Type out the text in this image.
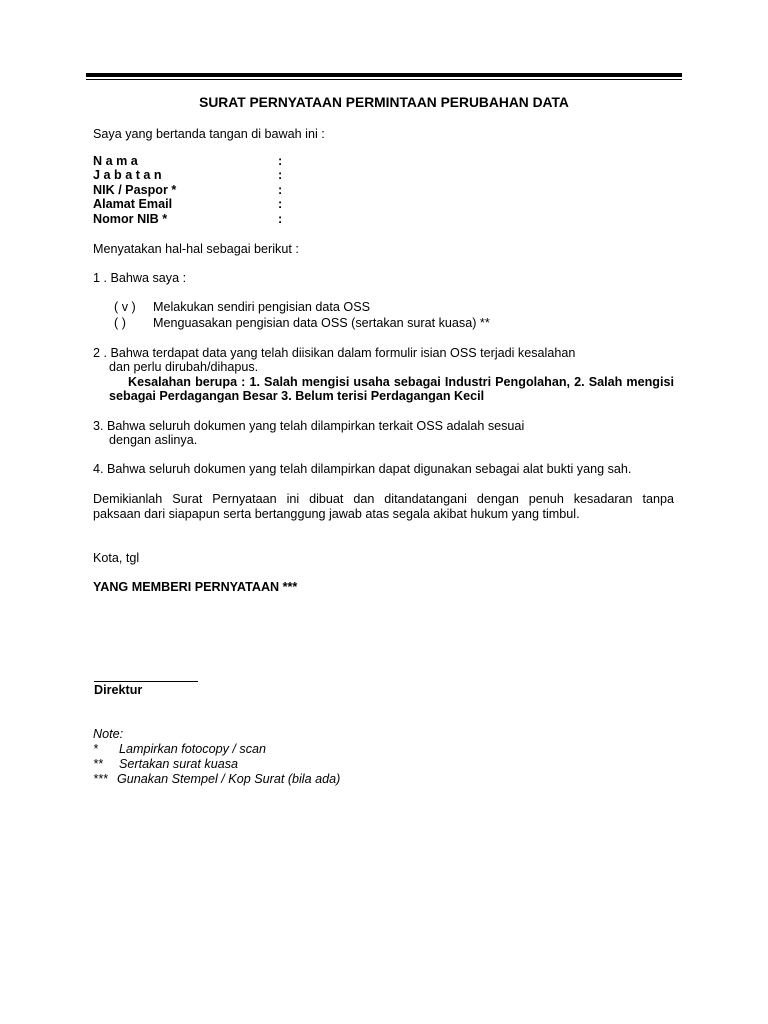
SURAT PERNYATAAN PERMINTAAN PERUBAHAN DATA
Saya yang bertanda tangan di bawah ini :
N a m a	:
J a b a t a n	:
NIK / Paspor *	:
Alamat Email	:
Nomor NIB *	:
Menyatakan hal-hal sebagai berikut :
1 . Bahwa saya :
( v ) Melakukan sendiri pengisian data OSS
( ) Menguasakan pengisian data OSS (sertakan surat kuasa) **
2 . Bahwa terdapat data yang telah diisikan dalam formulir isian OSS terjadi kesalahan
dan perlu dirubah/dihapus.
Kesalahan berupa : 1. Salah mengisi usaha sebagai Industri Pengolahan, 2. Salah mengisi
sebagai Perdagangan Besar 3. Belum terisi Perdagangan Kecil
3. Bahwa seluruh dokumen yang telah dilampirkan terkait OSS adalah sesuai
dengan aslinya.
4. Bahwa seluruh dokumen yang telah dilampirkan dapat digunakan sebagai alat bukti yang sah.
Demikianlah Surat Pernyataan ini dibuat dan ditandatangani dengan penuh kesadaran tanpa
paksaan dari siapapun serta bertanggung jawab atas segala akibat hukum yang timbul.
Kota, tgl
YANG MEMBERI PERNYATAAN ***
Direktur
Note:
* Lampirkan fotocopy / scan
** Sertakan surat kuasa
*** Gunakan Stempel / Kop Surat (bila ada)
